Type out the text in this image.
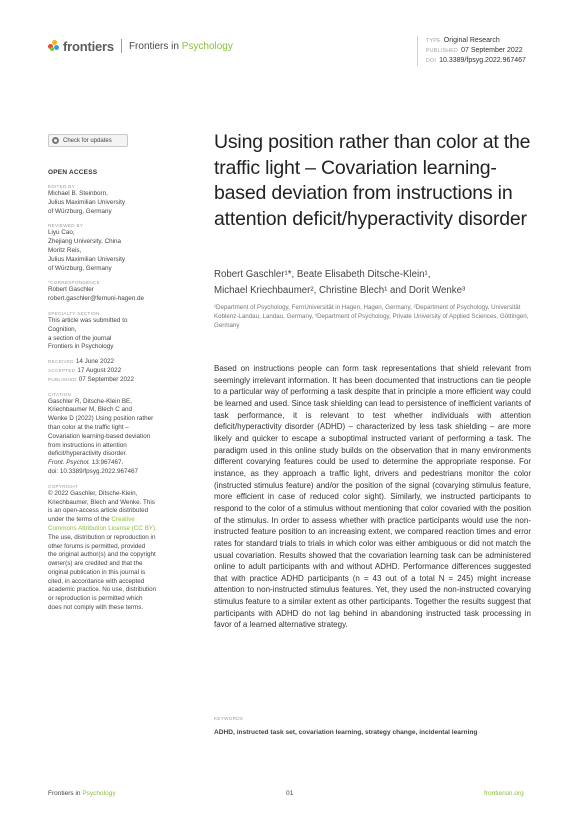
frontiers Frontiers in Psychology	TYPE Original Research
PUBLISHED 07 September 2022
DOI 10.3389/fpsyg.2022.967467
Check for updates
OPEN ACCESS
EDITED BY
Michael B. Steinborn,
Julius Maximilian University
of Würzburg, Germany
REVIEWED BY
Liyu Cao,
Zhejiang University, China
Moritz Reis,
Julius Maximilian University
of Würzburg, Germany
*CORRESPONDENCE
Robert Gaschler
robert.gaschler@fernuni-hagen.de
SPECIALTY SECTION
This article was submitted to
Cognition,
a section of the journal
Frontiers in Psychology
RECEIVED 14 June 2022
ACCEPTED 17 August 2022
PUBLISHED 07 September 2022
CITATION
Gaschler R, Ditsche-Klein BE,
Kriechbaumer M, Blech C and
Wenke D (2022) Using position rather
than color at the traffic light –
Covariation learning-based deviation
from instructions in attention
deficit/hyperactivity disorder.
Front. Psychol. 13:967467.
doi: 10.3389/fpsyg.2022.967467
COPYRIGHT
© 2022 Gaschler, Ditsche-Klein,
Kriechbaumer, Blech and Wenke. This
is an open-access article distributed
under the terms of the Creative
Commons Attribution License (CC BY).
The use, distribution or reproduction in
other forums is permitted, provided
the original author(s) and the copyright
owner(s) are credited and that the
original publication in this journal is
cited, in accordance with accepted
academic practice. No use, distribution
or reproduction is permitted which
does not comply with these terms.
Using position rather than color at the traffic light – Covariation learning-based deviation from instructions in attention deficit/hyperactivity disorder
Robert Gaschler¹*, Beate Elisabeth Ditsche-Klein¹,
Michael Kriechbaumer², Christine Blech¹ and Dorit Wenke³
¹Department of Psychology, FernUniversität in Hagen, Hagen, Germany, ²Department of Psychology, Universität Koblenz-Landau, Landau, Germany, ³Department of Psychology, Private University of Applied Sciences, Göttingen, Germany

Based on instructions people can form task representations that shield relevant from seemingly irrelevant information. It has been documented that instructions can tie people to a particular way of performing a task despite that in principle a more efficient way could be learned and used. Since task shielding can lead to persistence of inefficient variants of task performance, it is relevant to test whether individuals with attention deficit/hyperactivity disorder (ADHD) – characterized by less task shielding – are more likely and quicker to escape a suboptimal instructed variant of performing a task. The paradigm used in this online study builds on the observation that in many environments different covarying features could be used to determine the appropriate response. For instance, as they approach a traffic light, drivers and pedestrians monitor the color (instructed stimulus feature) and/or the position of the signal (covarying stimulus feature, more efficient in case of reduced color sight). Similarly, we instructed participants to respond to the color of a stimulus without mentioning that color covaried with the position of the stimulus. In order to assess whether with practice participants would use the non-instructed feature position to an increasing extent, we compared reaction times and error rates for standard trials to trials in which color was either ambiguous or did not match the usual covariation. Results showed that the covariation learning task can be administered online to adult participants with and without ADHD. Performance differences suggested that with practice ADHD participants (n = 43 out of a total N = 245) might increase attention to non-instructed stimulus features. Yet, they used the non-instructed covarying stimulus feature to a similar extent as other participants. Together the results suggest that participants with ADHD do not lag behind in abandoning instructed task processing in favor of a learned alternative strategy.

KEYWORDS
ADHD, instructed task set, covariation learning, strategy change, incidental learning
Frontiers in Psychology	01	frontiersin.org
